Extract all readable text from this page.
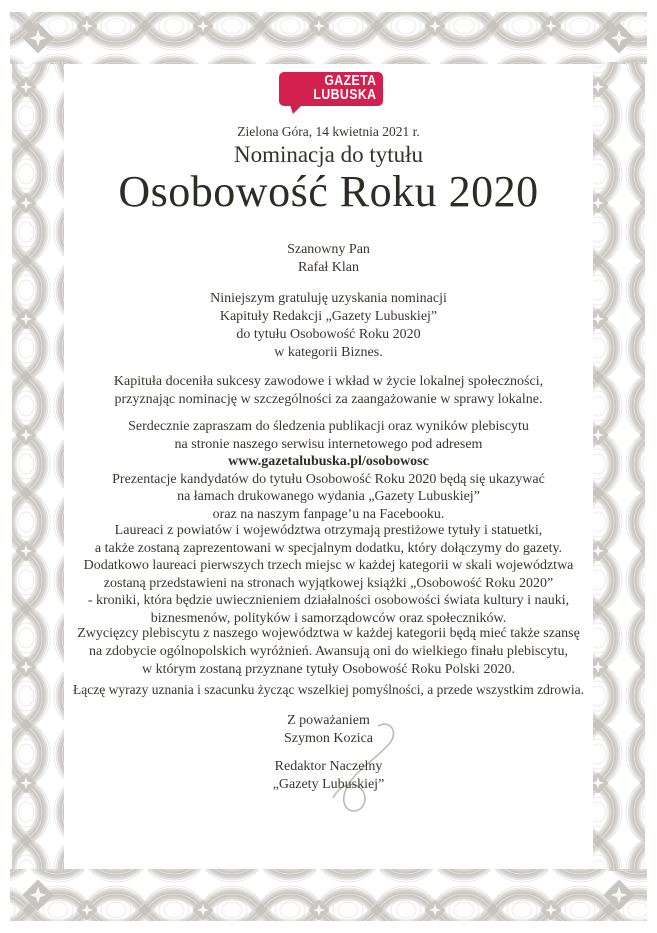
GAZETA
LUBUSKA
Zielona Góra, 14 kwietnia 2021 r.
Nominacja do tytułu
Osobowość Roku 2020
Szanowny Pan
Rafał Klan
Niniejszym gratuluję uzyskania nominacji
Kapituły Redakcji „Gazety Lubuskiej”
do tytułu Osobowość Roku 2020
w kategorii Biznes.
Kapituła doceniła sukcesy zawodowe i wkład w życie lokalnej społeczności,
przyznając nominację w szczególności za zaangażowanie w sprawy lokalne.
Serdecznie zapraszam do śledzenia publikacji oraz wyników plebiscytu
na stronie naszego serwisu internetowego pod adresem
www.gazetalubuska.pl/osobowosc
Prezentacje kandydatów do tytułu Osobowość Roku 2020 będą się ukazywać
na łamach drukowanego wydania „Gazety Lubuskiej”
oraz na naszym fanpage’u na Facebooku.
Laureaci z powiatów i województwa otrzymają prestiżowe tytuły i statuetki,
a także zostaną zaprezentowani w specjalnym dodatku, który dołączymy do gazety.
Dodatkowo laureaci pierwszych trzech miejsc w każdej kategorii w skali województwa
zostaną przedstawieni na stronach wyjątkowej książki „Osobowość Roku 2020”
- kroniki, która będzie uwiecznieniem działalności osobowości świata kultury i nauki,
biznesmenów, polityków i samorządowców oraz społeczników.
Zwycięzcy plebiscytu z naszego województwa w każdej kategorii będą mieć także szansę
na zdobycie ogólnopolskich wyróżnień. Awansują oni do wielkiego finału plebiscytu,
w którym zostaną przyznane tytuły Osobowość Roku Polski 2020.
Łączę wyrazy uznania i szacunku życząc wszelkiej pomyślności, a przede wszystkim zdrowia.
Z poważaniem
Szymon Kozica
Redaktor Naczelny
„Gazety Lubuskiej”
